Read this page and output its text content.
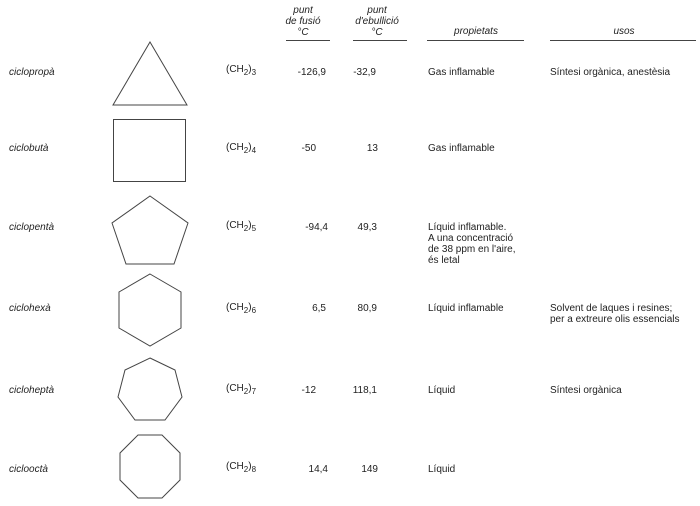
punt
de fusió
°C
punt
d'ebullició
°C	propietats	usos
ciclopropà	$(CH_2)_3$	-126,9	-32,9	Gas inflamable	Síntesi orgànica, anestèsia
ciclobutà	$(CH_2)_4$	-50	13	Gas inflamable
ciclopentà	$(CH_2)_5$	-94,4	49,3	Líquid inflamable.
A una concentració
de 38 ppm en l'aire,
és letal
ciclohexà	$(CH_2)_6$	6,5	80,9	Líquid inflamable	Solvent de laques i resines;
per a extreure olis essencials
cicloheptà	$(CH_2)_7$	-12	118,1	Líquid	Síntesi orgànica
ciclooctà	$(CH_2)_8$	14,4	149	Líquid
